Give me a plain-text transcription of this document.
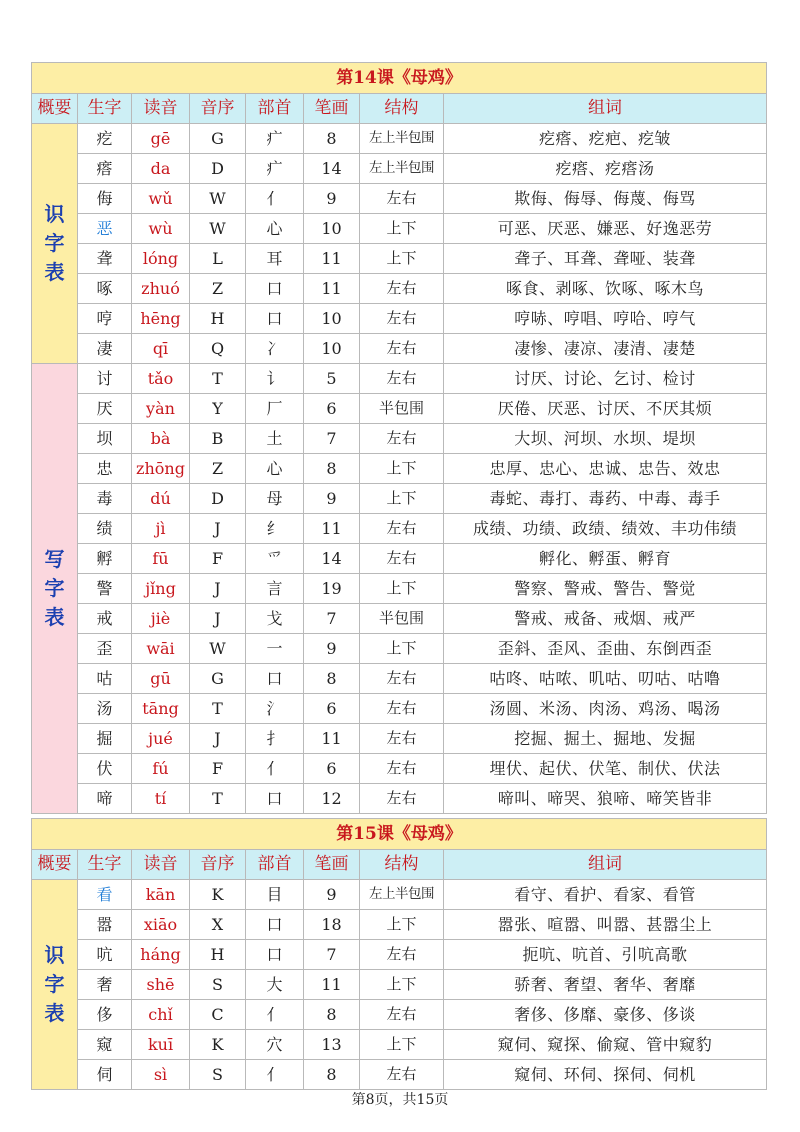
第14课《母鸡》							
概要	生字	读音	音序	部首	笔画	结构	组词

识
字
表	疙	gē	G	疒	8	左上半包围	疙瘩、疙疤、疙皱
	瘩	da	D	疒	14	左上半包围	疙瘩、疙瘩汤
	侮	wǔ	W	亻	9	左右	欺侮、侮辱、侮蔑、侮骂
	恶	wù	W	心	10	上下	可恶、厌恶、嫌恶、好逸恶劳
	聋	lóng	L	耳	11	上下	聋子、耳聋、聋哑、装聋
	啄	zhuó	Z	口	11	左右	啄食、剥啄、饮啄、啄木鸟
	哼	hēng	H	口	10	左右	哼哧、哼唱、哼哈、哼气
	凄	qī	Q	冫	10	左右	凄惨、凄凉、凄清、凄楚

写
字
表	讨	tǎo	T	讠	5	左右	讨厌、讨论、乞讨、检讨
	厌	yàn	Y	厂	6	半包围	厌倦、厌恶、讨厌、不厌其烦
	坝	bà	B	土	7	左右	大坝、河坝、水坝、堤坝
	忠	zhōng	Z	心	8	上下	忠厚、忠心、忠诚、忠告、效忠
	毒	dú	D	母	9	上下	毒蛇、毒打、毒药、中毒、毒手
	绩	jì	J	纟	11	左右	成绩、功绩、政绩、绩效、丰功伟绩
	孵	fū	F	爫	14	左右	孵化、孵蛋、孵育
	警	jǐng	J	言	19	上下	警察、警戒、警告、警觉
	戒	jiè	J	戈	7	半包围	警戒、戒备、戒烟、戒严
	歪	wāi	W	一	9	上下	歪斜、歪风、歪曲、东倒西歪
	咕	gū	G	口	8	左右	咕咚、咕哝、叽咕、叨咕、咕噜
	汤	tāng	T	氵	6	左右	汤圆、米汤、肉汤、鸡汤、喝汤
	掘	jué	J	扌	11	左右	挖掘、掘土、掘地、发掘
	伏	fú	F	亻	6	左右	埋伏、起伏、伏笔、制伏、伏法
	啼	tí	T	口	12	左右	啼叫、啼哭、狼啼、啼笑皆非
第15课《母鸡》							
概要	生字	读音	音序	部首	笔画	结构	组词

识
字
表	看	kān	K	目	9	左上半包围	看守、看护、看家、看管
	嚣	xiāo	X	口	18	上下	嚣张、喧嚣、叫嚣、甚嚣尘上
	吭	háng	H	口	7	左右	扼吭、吭首、引吭高歌
	奢	shē	S	大	11	上下	骄奢、奢望、奢华、奢靡
	侈	chǐ	C	亻	8	左右	奢侈、侈靡、豪侈、侈谈
	窥	kuī	K	穴	13	上下	窥伺、窥探、偷窥、管中窥豹
	伺	sì	S	亻	8	左右	窥伺、环伺、探伺、伺机
第8页，共15页
